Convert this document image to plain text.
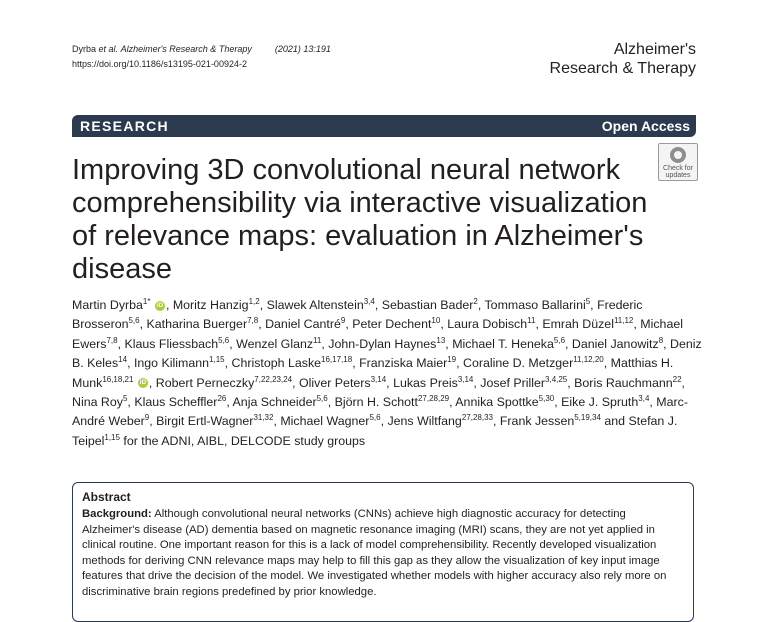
Dyrba et al. Alzheimer's Research & Therapy	(2021) 13:191
https://doi.org/10.1186/s13195-021-00924-2
Alzheimer's
Research & Therapy
RESEARCH	Open Access
Check for
updates
Improving 3D convolutional neural network comprehensibility via interactive visualization of relevance maps: evaluation in Alzheimer's disease

Martin Dyrba$^{1*}$ iD , Moritz Hanzig$^{1,2}$, Slawek Altenstein$^{3,4}$, Sebastian Bader$^2$, Tommaso Ballarini$^5$, Frederic Brosseron$^{5,6}$, Katharina Buerger$^{7,8}$, Daniel Cantré$^9$, Peter Dechent$^{10}$, Laura Dobisch$^{11}$, Emrah Düzel$^{11,12}$, Michael Ewers$^{7,8}$, Klaus Fliessbach$^{5,6}$, Wenzel Glanz$^{11}$, John-Dylan Haynes$^{13}$, Michael T. Heneka$^{5,6}$, Daniel Janowitz$^8$, Deniz B. Keles$^{14}$, Ingo Kilimann$^{1,15}$, Christoph Laske$^{16,17,18}$, Franziska Maier$^{19}$, Coraline D. Metzger$^{11,12,20}$, Matthias H. Munk$^{16,18,21}$ iD , Robert Perneczky$^{7,22,23,24}$, Oliver Peters$^{3,14}$, Lukas Preis$^{3,14}$, Josef Priller$^{3,4,25}$, Boris Rauchmann$^{22}$, Nina Roy$^5$, Klaus Scheffler$^{26}$, Anja Schneider$^{5,6}$, Björn H. Schott$^{27,28,29}$, Annika Spottke$^{5,30}$, Eike J. Spruth$^{3,4}$, Marc-André Weber$^9$, Birgit Ertl-Wagner$^{31,32}$, Michael Wagner$^{5,6}$, Jens Wiltfang$^{27,28,33}$, Frank Jessen$^{5,19,34}$ and Stefan J. Teipel$^{1,15}$ for the ADNI, AIBL, DELCODE study groups

Abstract

Background: Although convolutional neural networks (CNNs) achieve high diagnostic accuracy for detecting Alzheimer's disease (AD) dementia based on magnetic resonance imaging (MRI) scans, they are not yet applied in clinical routine. One important reason for this is a lack of model comprehensibility. Recently developed visualization methods for deriving CNN relevance maps may help to fill this gap as they allow the visualization of key input image features that drive the decision of the model. We investigated whether models with higher accuracy also rely more on discriminative brain regions predefined by prior knowledge.
